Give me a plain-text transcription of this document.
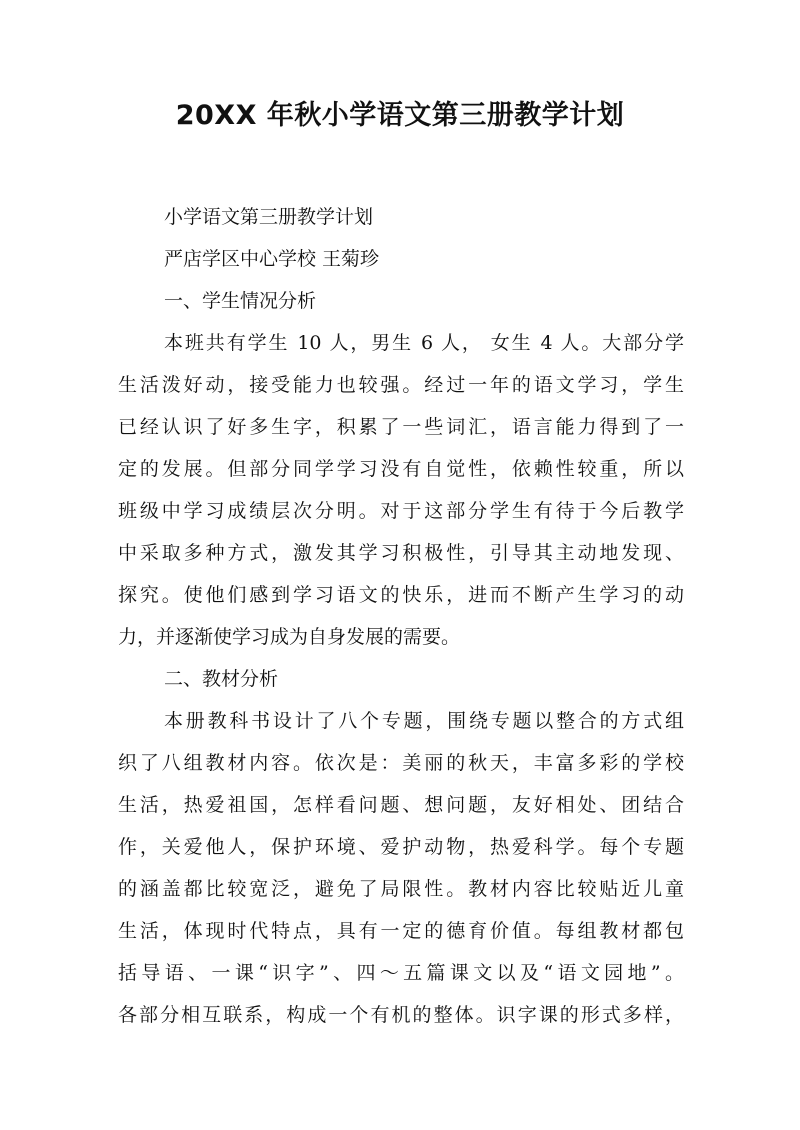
20XX 年秋小学语文第三册教学计划
小学语文第三册教学计划
严店学区中心学校 王菊珍
一、学生情况分析
本班共有学生 10 人，男生 6 人， 女生 4 人。大部分学
生活泼好动，接受能力也较强。经过一年的语文学习，学生
已经认识了好多生字，积累了一些词汇，语言能力得到了一
定的发展。但部分同学学习没有自觉性，依赖性较重，所以
班级中学习成绩层次分明。对于这部分学生有待于今后教学
中采取多种方式，激发其学习积极性，引导其主动地发现、
探究。使他们感到学习语文的快乐，进而不断产生学习的动
力，并逐渐使学习成为自身发展的需要。
二、教材分析
本册教科书设计了八个专题，围绕专题以整合的方式组
织了八组教材内容。依次是：美丽的秋天，丰富多彩的学校
生活，热爱祖国，怎样看问题、想问题，友好相处、团结合
作，关爱他人，保护环境、爱护动物，热爱科学。每个专题
的涵盖都比较宽泛，避免了局限性。教材内容比较贴近儿童
生活，体现时代特点，具有一定的德育价值。每组教材都包
括导语、一课“识字”、四～五篇课文以及“语文园地”。
各部分相互联系，构成一个有机的整体。识字课的形式多样，
